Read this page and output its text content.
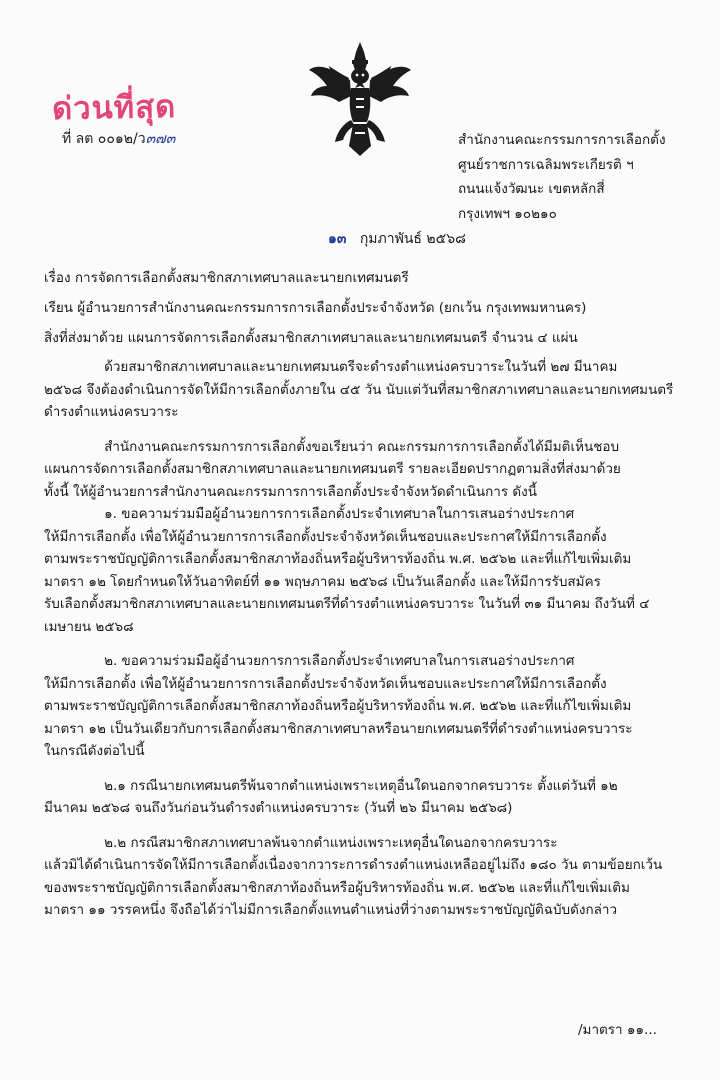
ด่วนที่สุด
ที่ ลต ๐๐๑๒/ว๓๗๓	สำนักงานคณะกรรมการการเลือกตั้ง
ศูนย์ราชการเฉลิมพระเกียรติ ฯ
ถนนแจ้งวัฒนะ เขตหลักสี่
กรุงเทพฯ ๑๐๒๑๐
๑๓ กุมภาพันธ์ ๒๕๖๘
เรื่อง การจัดการเลือกตั้งสมาชิกสภาเทศบาลและนายกเทศมนตรี
เรียน ผู้อำนวยการสำนักงานคณะกรรมการการเลือกตั้งประจำจังหวัด (ยกเว้น กรุงเทพมหานคร)
สิ่งที่ส่งมาด้วย แผนการจัดการเลือกตั้งสมาชิกสภาเทศบาลและนายกเทศมนตรี จำนวน ๔ แผ่น

ด้วยสมาชิกสภาเทศบาลและนายกเทศมนตรีจะดำรงตำแหน่งครบวาระในวันที่ ๒๗ มีนาคม

๒๕๖๘ จึงต้องดำเนินการจัดให้มีการเลือกตั้งภายใน ๔๕ วัน นับแต่วันที่สมาชิกสภาเทศบาลและนายกเทศมนตรี

ดำรงตำแหน่งครบวาระ

สำนักงานคณะกรรมการการเลือกตั้งขอเรียนว่า คณะกรรมการการเลือกตั้งได้มีมติเห็นชอบ

แผนการจัดการเลือกตั้งสมาชิกสภาเทศบาลและนายกเทศมนตรี รายละเอียดปรากฏตามสิ่งที่ส่งมาด้วย

ทั้งนี้ ให้ผู้อำนวยการสำนักงานคณะกรรมการการเลือกตั้งประจำจังหวัดดำเนินการ ดังนี้

๑. ขอความร่วมมือผู้อำนวยการการเลือกตั้งประจำเทศบาลในการเสนอร่างประกาศ

ให้มีการเลือกตั้ง เพื่อให้ผู้อำนวยการการเลือกตั้งประจำจังหวัดเห็นชอบและประกาศให้มีการเลือกตั้ง

ตามพระราชบัญญัติการเลือกตั้งสมาชิกสภาท้องถิ่นหรือผู้บริหารท้องถิ่น พ.ศ. ๒๕๖๒ และที่แก้ไขเพิ่มเติม

มาตรา ๑๒ โดยกำหนดให้วันอาทิตย์ที่ ๑๑ พฤษภาคม ๒๕๖๘ เป็นวันเลือกตั้ง และให้มีการรับสมัคร

รับเลือกตั้งสมาชิกสภาเทศบาลและนายกเทศมนตรีที่ดำรงตำแหน่งครบวาระ ในวันที่ ๓๑ มีนาคม ถึงวันที่ ๔

เมษายน ๒๕๖๘

๒. ขอความร่วมมือผู้อำนวยการการเลือกตั้งประจำเทศบาลในการเสนอร่างประกาศ

ให้มีการเลือกตั้ง เพื่อให้ผู้อำนวยการการเลือกตั้งประจำจังหวัดเห็นชอบและประกาศให้มีการเลือกตั้ง

ตามพระราชบัญญัติการเลือกตั้งสมาชิกสภาท้องถิ่นหรือผู้บริหารท้องถิ่น พ.ศ. ๒๕๖๒ และที่แก้ไขเพิ่มเติม

มาตรา ๑๒ เป็นวันเดียวกับการเลือกตั้งสมาชิกสภาเทศบาลหรือนายกเทศมนตรีที่ดำรงตำแหน่งครบวาระ

ในกรณีดังต่อไปนี้

๒.๑ กรณีนายกเทศมนตรีพ้นจากตำแหน่งเพราะเหตุอื่นใดนอกจากครบวาระ ตั้งแต่วันที่ ๑๒

มีนาคม ๒๕๖๘ จนถึงวันก่อนวันดำรงตำแหน่งครบวาระ (วันที่ ๒๖ มีนาคม ๒๕๖๘)

๒.๒ กรณีสมาชิกสภาเทศบาลพ้นจากตำแหน่งเพราะเหตุอื่นใดนอกจากครบวาระ

แล้วมิได้ดำเนินการจัดให้มีการเลือกตั้งเนื่องจากวาระการดำรงตำแหน่งเหลืออยู่ไม่ถึง ๑๘๐ วัน ตามข้อยกเว้น

ของพระราชบัญญัติการเลือกตั้งสมาชิกสภาท้องถิ่นหรือผู้บริหารท้องถิ่น พ.ศ. ๒๕๖๒ และที่แก้ไขเพิ่มเติม

มาตรา ๑๑ วรรคหนึ่ง จึงถือได้ว่าไม่มีการเลือกตั้งแทนตำแหน่งที่ว่างตามพระราชบัญญัติฉบับดังกล่าว

/มาตรา ๑๑...
